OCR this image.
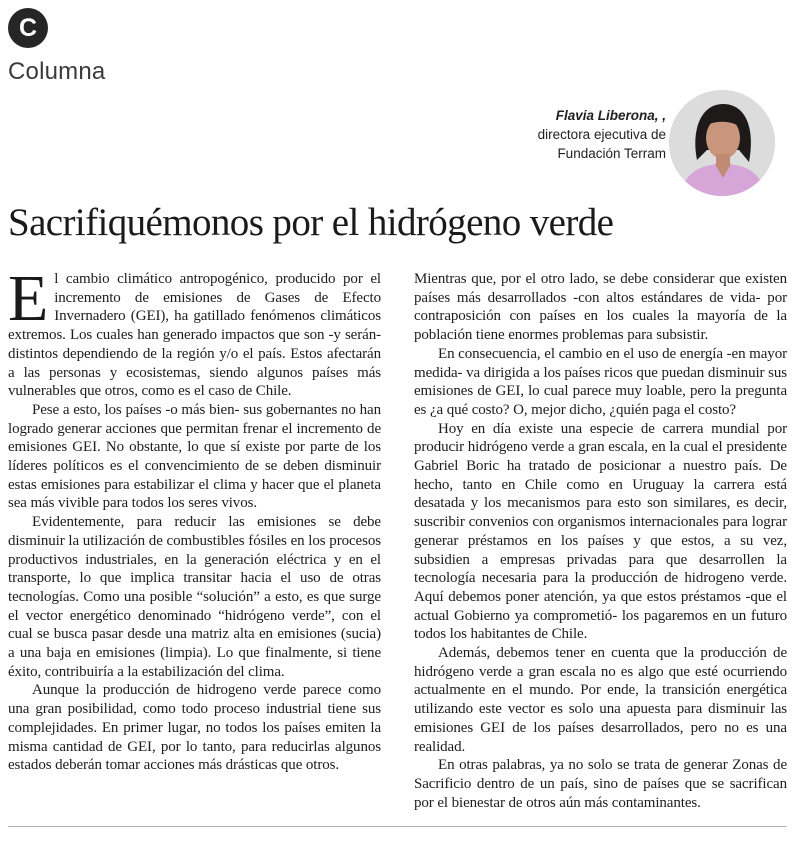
C
Columna
Flavia Liberona, ,
directora ejecutiva de
Fundación Terram
Sacrifiquémonos por el hidrógeno verde

El cambio climático antropogénico, producido por el incremento de emisiones de Gases de Efecto Invernadero (GEI), ha gatillado fenómenos climáticos extremos. Los cuales han generado impactos que son -y serán- distintos dependiendo de la región y/o el país. Estos afectarán a las personas y ecosistemas, siendo algunos países más vulnerables que otros, como es el caso de Chile.

Pese a esto, los países -o más bien- sus gobernantes no han logrado generar acciones que permitan frenar el incremento de emisiones GEI. No obstante, lo que sí existe por parte de los líderes políticos es el convencimiento de se deben disminuir estas emisiones para estabilizar el clima y hacer que el planeta sea más vivible para todos los seres vivos.

Evidentemente, para reducir las emisiones se debe disminuir la utilización de combustibles fósiles en los procesos productivos industriales, en la generación eléctrica y en el transporte, lo que implica transitar hacia el uso de otras tecnologías. Como una posible “solución” a esto, es que surge el vector energético denominado “hidrógeno verde”, con el cual se busca pasar desde una matriz alta en emisiones (sucia) a una baja en emisiones (limpia). Lo que finalmente, si tiene éxito, contribuiría a la estabilización del clima.

Aunque la producción de hidrogeno verde parece como una gran posibilidad, como todo proceso industrial tiene sus complejidades. En primer lugar, no todos los países emiten la misma cantidad de GEI, por lo tanto, para reducirlas algunos estados deberán tomar acciones más drásticas que otros.

Mientras que, por el otro lado, se debe considerar que existen países más desarrollados -con altos estándares de vida- por contraposición con países en los cuales la mayoría de la población tiene enormes problemas para subsistir.

En consecuencia, el cambio en el uso de energía -en mayor medida- va dirigida a los países ricos que puedan disminuir sus emisiones de GEI, lo cual parece muy loable, pero la pregunta es ¿a qué costo? O, mejor dicho, ¿quién paga el costo?

Hoy en día existe una especie de carrera mundial por producir hidrógeno verde a gran escala, en la cual el presidente Gabriel Boric ha tratado de posicionar a nuestro país. De hecho, tanto en Chile como en Uruguay la carrera está desatada y los mecanismos para esto son similares, es decir, suscribir convenios con organismos internacionales para lograr generar préstamos en los países y que estos, a su vez, subsidien a empresas privadas para que desarrollen la tecnología necesaria para la producción de hidrogeno verde. Aquí debemos poner atención, ya que estos préstamos -que el actual Gobierno ya comprometió- los pagaremos en un futuro todos los habitantes de Chile.

Además, debemos tener en cuenta que la producción de hidrógeno verde a gran escala no es algo que esté ocurriendo actualmente en el mundo. Por ende, la transición energética utilizando este vector es solo una apuesta para disminuir las emisiones GEI de los países desarrollados, pero no es una realidad.

En otras palabras, ya no solo se trata de generar Zonas de Sacrificio dentro de un país, sino de países que se sacrifican por el bienestar de otros aún más contaminantes.
